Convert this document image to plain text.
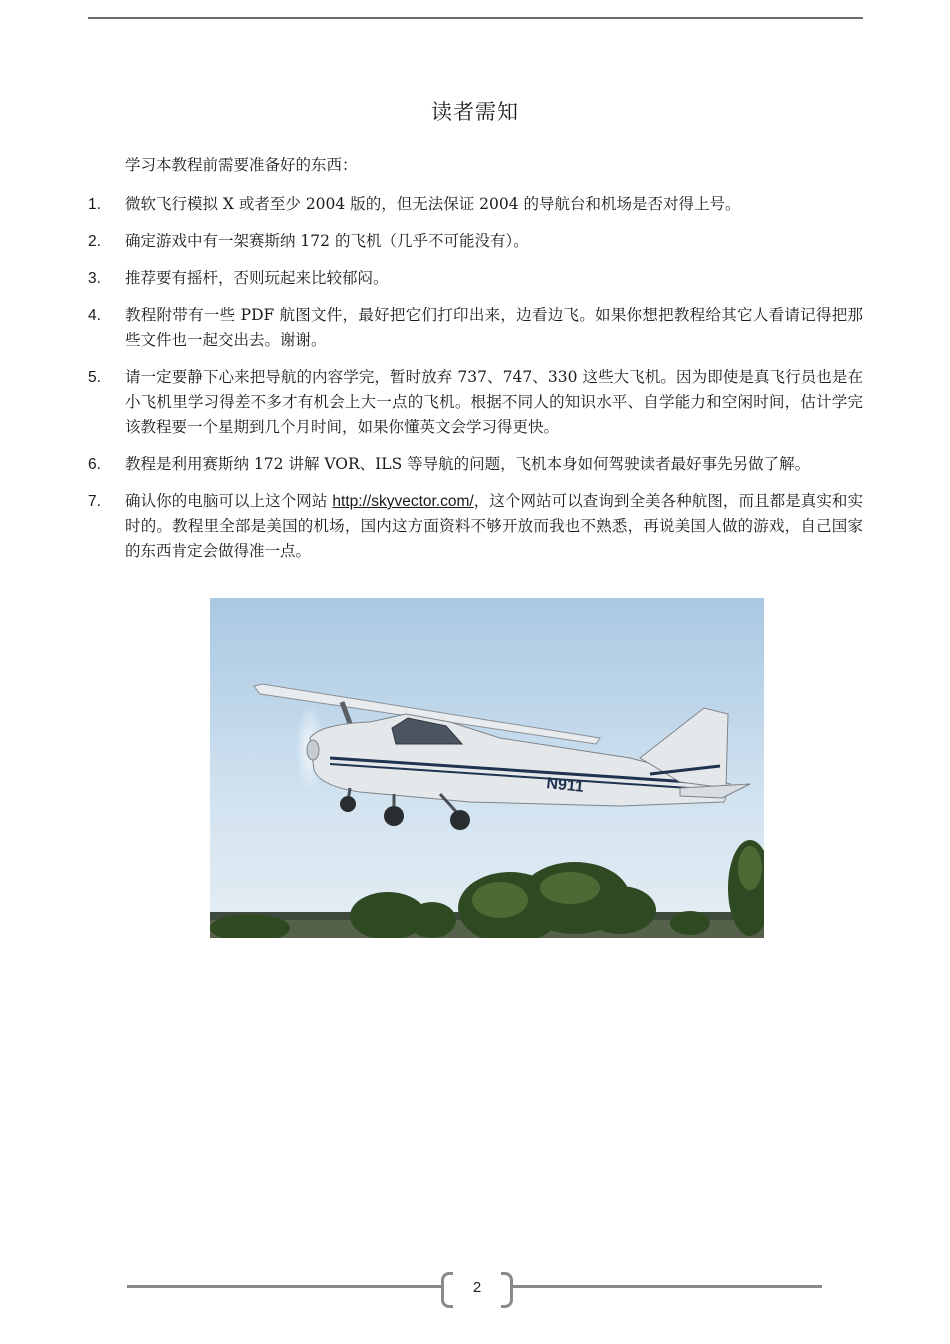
读者需知
学习本教程前需要准备好的东西：
1. 微软飞行模拟 X 或者至少 2004 版的，但无法保证 2004 的导航台和机场是否对得上号。
2. 确定游戏中有一架赛斯纳 172 的飞机（几乎不可能没有）。
3. 推荐要有摇杆，否则玩起来比较郁闷。
4. 教程附带有一些 PDF 航图文件，最好把它们打印出来，边看边飞。如果你想把教程给其它人看请记得把那些文件也一起交出去。谢谢。
5. 请一定要静下心来把导航的内容学完，暂时放弃 737、747、330 这些大飞机。因为即使是真飞行员也是在小飞机里学习得差不多才有机会上大一点的飞机。根据不同人的知识水平、自学能力和空闲时间，估计学完该教程要一个星期到几个月时间，如果你懂英文会学习得更快。
6. 教程是利用赛斯纳 172 讲解 VOR、ILS 等导航的问题，飞机本身如何驾驶读者最好事先另做了解。
7. 确认你的电脑可以上这个网站 http://skyvector.com/，这个网站可以查询到全美各种航图，而且都是真实和实时的。教程里全部是美国的机场，国内这方面资料不够开放而我也不熟悉，再说美国人做的游戏，自己国家的东西肯定会做得准一点。
N911
2
